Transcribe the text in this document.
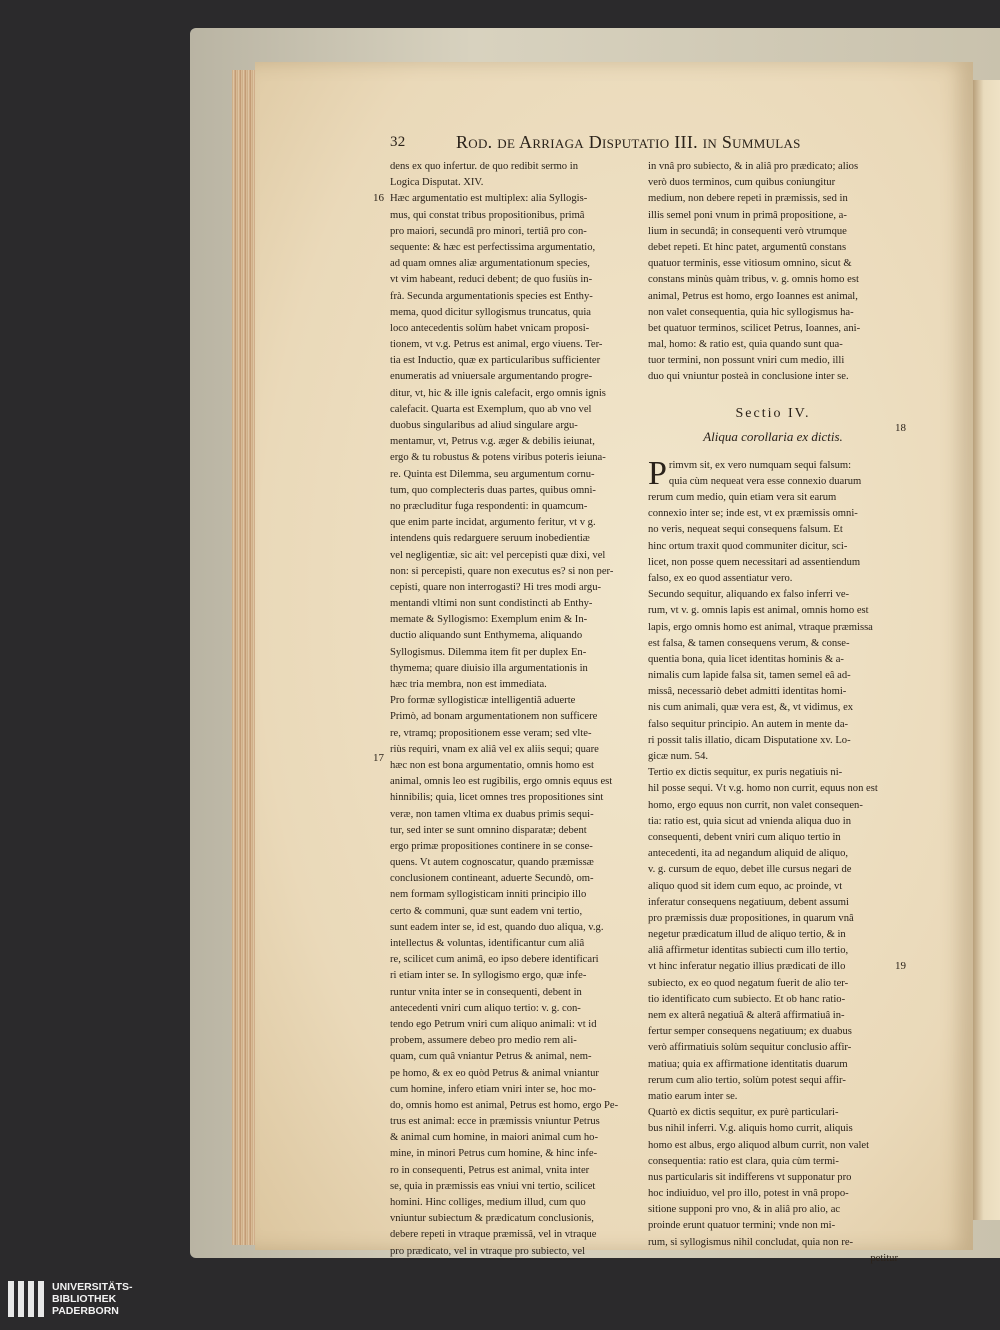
32	Rod. de Arriaga Disputatio III. in Summulas
dens ex quo infertur. de quo redibit sermo in
Logica Disputat. XIV.
Hæc argumentatio est multiplex: alia Syllogis-
mus, qui constat tribus propositionibus, primâ
pro maiori, secundâ pro minori, tertiâ pro con-
sequente: & hæc est perfectissima argumentatio,
ad quam omnes aliæ argumentationum species,
vt vim habeant, reduci debent; de quo fusiùs in-
frà. Secunda argumentationis species est Enthy-
mema, quod dicitur syllogismus truncatus, quia
loco antecedentis solùm habet vnicam proposi-
tionem, vt v.g. Petrus est animal, ergo viuens. Ter-
tia est Inductio, quæ ex particularibus sufficienter
enumeratis ad vniuersale argumentando progre-
ditur, vt, hic & ille ignis calefacit, ergo omnis ignis
calefacit. Quarta est Exemplum, quo ab vno vel
duobus singularibus ad aliud singulare argu-
mentamur, vt, Petrus v.g. æger & debilis ieiunat,
ergo & tu robustus & potens viribus poteris ieiuna-
re. Quinta est Dilemma, seu argumentum cornu-
tum, quo complecteris duas partes, quibus omni-
no præcluditur fuga respondenti: in quamcum-
que enim parte incidat, argumento feritur, vt v g.
intendens quis redarguere seruum inobedientiæ
vel negligentiæ, sic ait: vel percepisti quæ dixi, vel
non: si percepisti, quare non executus es? si non per-
cepisti, quare non interrogasti? Hi tres modi argu-
mentandi vltimi non sunt condistincti ab Enthy-
memate & Syllogismo: Exemplum enim & In-
ductio aliquando sunt Enthymema, aliquando
Syllogismus. Dilemma item fit per duplex En-
thymema; quare diuisio illa argumentationis in
hæc tria membra, non est immediata.
Pro formæ syllogisticæ intelligentiâ aduerte
Primò, ad bonam argumentationem non sufficere
re, vtramq; propositionem esse veram; sed vlte-
riùs requiri, vnam ex aliâ vel ex aliis sequi; quare
hæc non est bona argumentatio, omnis homo est
animal, omnis leo est rugibilis, ergo omnis equus est
hinnibilis; quia, licet omnes tres propositiones sint
veræ, non tamen vltima ex duabus primis sequi-
tur, sed inter se sunt omnino disparatæ; debent
ergo primæ propositiones continere in se conse-
quens. Vt autem cognoscatur, quando præmissæ
conclusionem contineant, aduerte Secundò, om-
nem formam syllogisticam inniti principio illo
certo & communi, quæ sunt eadem vni tertio,
sunt eadem inter se, id est, quando duo aliqua, v.g.
intellectus & voluntas, identificantur cum aliâ
re, scilicet cum animâ, eo ipso debere identificari
ri etiam inter se. In syllogismo ergo, quæ infe-
runtur vnita inter se in consequenti, debent in
antecedenti vniri cum aliquo tertio: v. g. con-
tendo ego Petrum vniri cum aliquo animali: vt id
probem, assumere debeo pro medio rem ali-
quam, cum quâ vniantur Petrus & animal, nem-
pe homo, & ex eo quòd Petrus & animal vniantur
cum homine, infero etiam vniri inter se, hoc mo-
do, omnis homo est animal, Petrus est homo, ergo Pe-
trus est animal: ecce in præmissis vniuntur Petrus
& animal cum homine, in maiori animal cum ho-
mine, in minori Petrus cum homine, & hinc infe-
ro in consequenti, Petrus est animal, vnita inter
se, quia in præmissis eas vniui vni tertio, scilicet
homini. Hinc colliges, medium illud, cum quo
vniuntur subiectum & prædicatum conclusionis,
debere repeti in vtraque præmissâ, vel in vtraque
pro prædicato, vel in vtraque pro subiecto, vel
in vnâ pro subiecto, & in aliâ pro prædicato; alios
verò duos terminos, cum quibus coniungitur
medium, non debere repeti in præmissis, sed in
illis semel poni vnum in primâ propositione, a-
lium in secundâ; in consequenti verò vtrumque
debet repeti. Et hinc patet, argumentû constans
quatuor terminis, esse vitiosum omnino, sicut &
constans minùs quàm tribus, v. g. omnis homo est
animal, Petrus est homo, ergo Ioannes est animal,
non valet consequentia, quia hic syllogismus ha-
bet quatuor terminos, scilicet Petrus, Ioannes, ani-
mal, homo: & ratio est, quia quando sunt qua-
tuor termini, non possunt vniri cum medio, illi
duo qui vniuntur posteà in conclusione inter se.
Sectio IV.
Aliqua corollaria ex dictis.
P rimvm sit, ex vero numquam sequi falsum:
quia cùm nequeat vera esse connexio duarum
rerum cum medio, quin etiam vera sit earum
connexio inter se; inde est, vt ex præmissis omni-
no veris, nequeat sequi consequens falsum. Et
hinc ortum traxit quod communiter dicitur, sci-
licet, non posse quem necessitari ad assentiendum
falso, ex eo quod assentiatur vero.
Secundo sequitur, aliquando ex falso inferri ve-
rum, vt v. g. omnis lapis est animal, omnis homo est
lapis, ergo omnis homo est animal, vtraque præmissa
est falsa, & tamen consequens verum, & conse-
quentia bona, quia licet identitas hominis & a-
nimalis cum lapide falsa sit, tamen semel eâ ad-
missâ, necessariò debet admitti identitas homi-
nis cum animali, quæ vera est, &, vt vidimus, ex
falso sequitur principio. An autem in mente da-
ri possit talis illatio, dicam Disputatione xv. Lo-
gicæ num. 54.
Tertio ex dictis sequitur, ex puris negatiuis ni-
hil posse sequi. Vt v.g. homo non currit, equus non est
homo, ergo equus non currit, non valet consequen-
tia: ratio est, quia sicut ad vniendа aliqua duo in
consequenti, debent vniri cum aliquo tertio in
antecedenti, ita ad negandum aliquid de aliquo,
v. g. cursum de equo, debet ille cursus negari de
aliquo quod sit idem cum equo, ac proinde, vt
inferatur consequens negatiuum, debent assumi
pro præmissis duæ propositiones, in quarum vnâ
negetur prædicatum illud de aliquo tertio, & in
aliâ affirmetur identitas subiecti cum illo tertio,
vt hinc inferatur negatio illius prædicati de illo
subiecto, ex eo quod negatum fuerit de alio ter-
tio identificato cum subiecto. Et ob hanc ratio-
nem ex alterâ negatiuâ & alterâ affirmatiuâ in-
fertur semper consequens negatiuum; ex duabus
verò affirmatiuis solùm sequitur conclusio affir-
matiua; quia ex affirmatione identitatis duarum
rerum cum alio tertio, solùm potest sequi affir-
matio earum inter se.
Quartò ex dictis sequitur, ex purè particulari-
bus nihil inferri. V.g. aliquis homo currit, aliquis
homo est albus, ergo aliquod album currit, non valet
consequentia: ratio est clara, quia cùm termi-
nus particularis sit indifferens vt supponatur pro
hoc indiuiduo, vel pro illo, potest in vnâ propo-
sitione supponi pro vno, & in aliâ pro alio, ac
proinde erunt quatuor termini; vnde non mi-
rum, si syllogismus nihil concludat, quia non re-
petitur
16
17
18
19
UNIVERSITÄTS-
BIBLIOTHEK
PADERBORN
